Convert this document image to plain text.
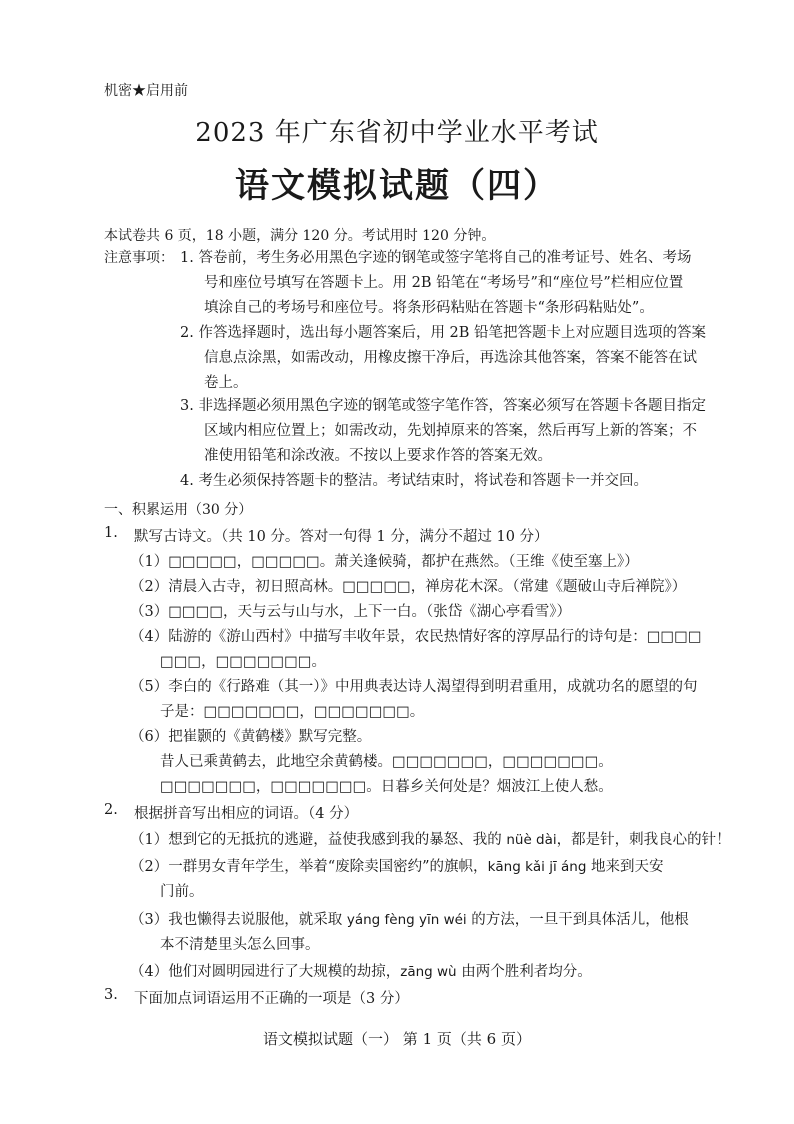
机密★启用前
2023 年广东省初中学业水平考试
语文模拟试题（四）
本试卷共 6 页，18 小题，满分 120 分。考试用时 120 分钟。
注意事项： 1. 答卷前，考生务必用黑色字迹的钢笔或签字笔将自己的准考证号、姓名、考场
号和座位号填写在答题卡上。用 2B 铅笔在“考场号”和“座位号”栏相应位置
填涂自己的考场号和座位号。将条形码粘贴在答题卡“条形码粘贴处”。
2. 作答选择题时，选出每小题答案后，用 2B 铅笔把答题卡上对应题目选项的答案
信息点涂黑，如需改动，用橡皮擦干净后，再选涂其他答案，答案不能答在试
卷上。
3. 非选择题必须用黑色字迹的钢笔或签字笔作答，答案必须写在答题卡各题目指定
区域内相应位置上；如需改动，先划掉原来的答案，然后再写上新的答案；不
准使用铅笔和涂改液。不按以上要求作答的答案无效。
4. 考生必须保持答题卡的整洁。考试结束时，将试卷和答题卡一并交回。
一、积累运用（30 分）
1. 默写古诗文。（共 10 分。答对一句得 1 分，满分不超过 10 分）
（1）□□□□□，□□□□□。萧关逢候骑，都护在燕然。（王维《使至塞上》）
（2）清晨入古寺，初日照高林。□□□□□，禅房花木深。（常建《题破山寺后禅院》）
（3）□□□□，天与云与山与水，上下一白。（张岱《湖心亭看雪》）
（4）陆游的《游山西村》中描写丰收年景，农民热情好客的淳厚品行的诗句是：□□□□
□□□，□□□□□□□。
（5）李白的《行路难（其一）》中用典表达诗人渴望得到明君重用，成就功名的愿望的句
子是：□□□□□□□，□□□□□□□。
（6）把崔颢的《黄鹤楼》默写完整。
昔人已乘黄鹤去，此地空余黄鹤楼。□□□□□□□，□□□□□□□。
□□□□□□□，□□□□□□□。日暮乡关何处是？烟波江上使人愁。
2. 根据拼音写出相应的词语。（4 分）
（1）想到它的无抵抗的逃避，益使我感到我的暴怒、我的 nüè dài，都是针，刺我良心的针！
（2）一群男女青年学生，举着“废除卖国密约”的旗帜，kāng kǎi jī áng 地来到天安
门前。
（3）我也懒得去说服他，就采取 yáng fèng yīn wéi 的方法，一旦干到具体活儿，他根
本不清楚里头怎么回事。
（4）他们对圆明园进行了大规模的劫掠，zāng wù 由两个胜利者均分。
3. 下面加点词语运用不正确的一项是（3 分）
语文模拟试题（一） 第 1 页（共 6 页）
